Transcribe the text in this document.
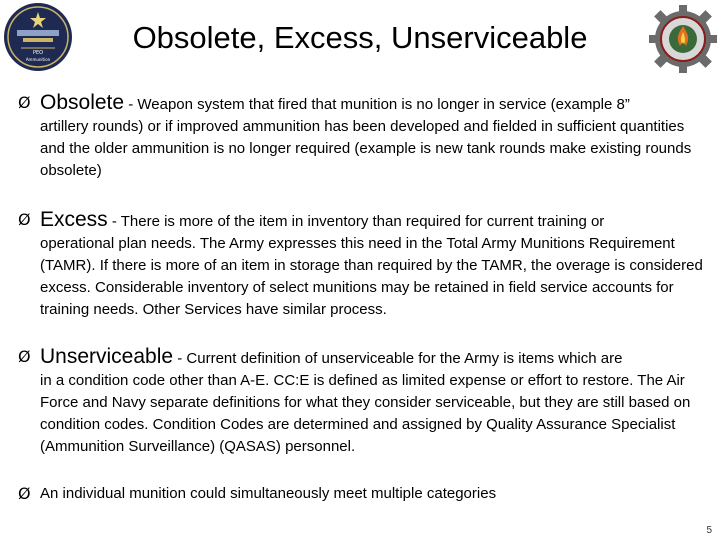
PEO
Ammunition
Obsolete, Excess, Unserviceable
Ø Obsolete - Weapon system that fired that munition is no longer in service (example 8”
artillery rounds) or if improved ammunition has been developed and fielded in sufficient quantities and the older ammunition is no longer required (example is new tank rounds make existing rounds obsolete)
Ø Excess - There is more of the item in inventory than required for current training or
operational plan needs. The Army expresses this need in the Total Army Munitions Requirement (TAMR). If there is more of an item in storage than required by the TAMR, the overage is considered excess. Considerable inventory of select munitions may be retained in field service accounts for training needs. Other Services have similar process.
Ø Unserviceable - Current definition of unserviceable for the Army is items which are
in a condition code other than A-E. CC:E is defined as limited expense or effort to restore. The Air Force and Navy separate definitions for what they consider serviceable, but they are still based on condition codes. Condition Codes are determined and assigned by Quality Assurance Specialist (Ammunition Surveillance) (QASAS) personnel.
Ø An individual munition could simultaneously meet multiple categories
5
